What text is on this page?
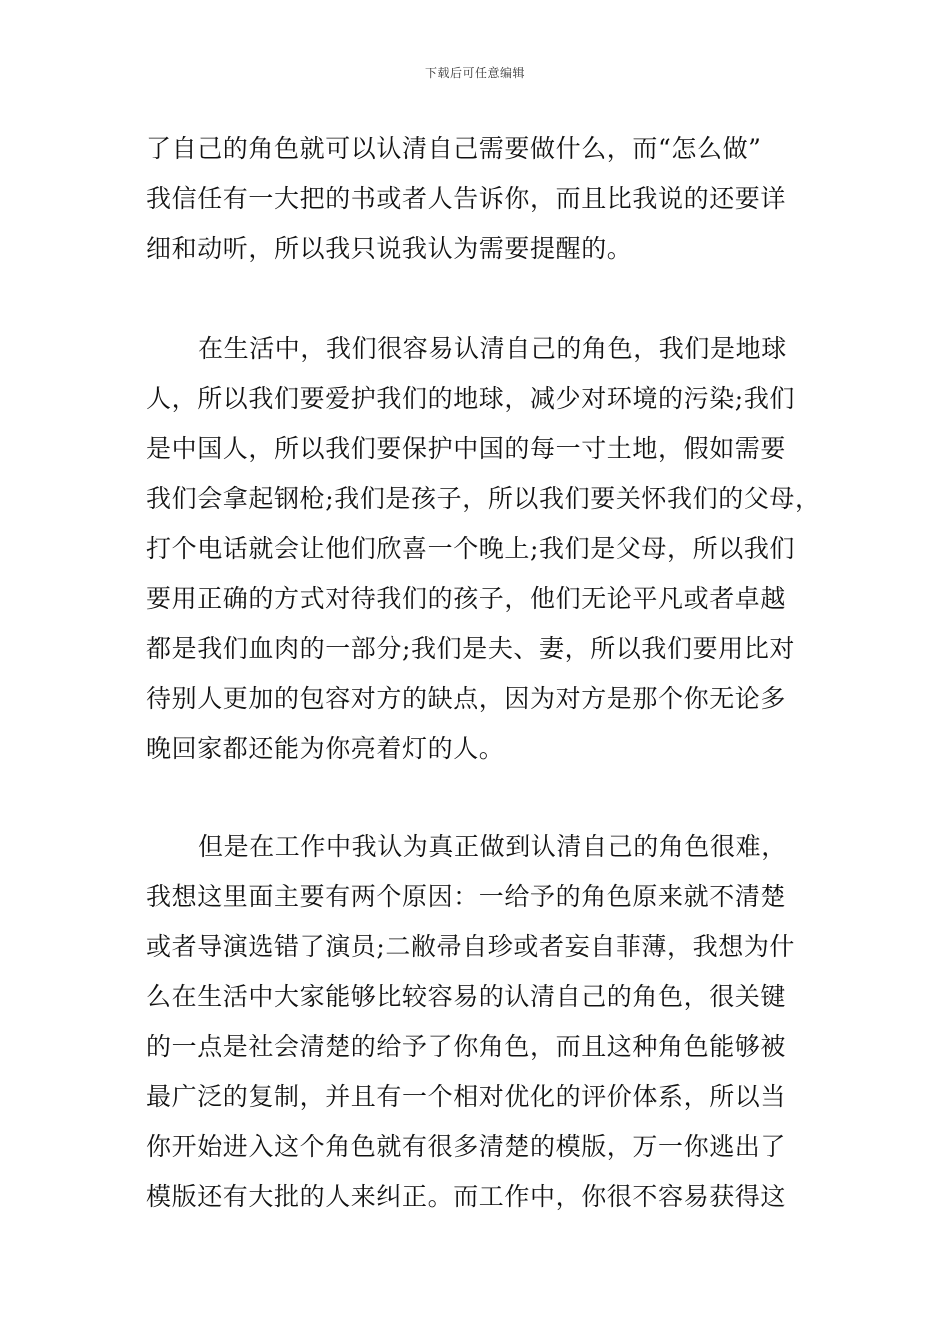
下载后可任意编辑
了自己的角色就可以认清自己需要做什么，而“怎么做”
我信任有一大把的书或者人告诉你，而且比我说的还要详
细和动听，所以我只说我认为需要提醒的。
在生活中，我们很容易认清自己的角色，我们是地球
人，所以我们要爱护我们的地球，减少对环境的污染;我们
是中国人，所以我们要保护中国的每一寸土地，假如需要
我们会拿起钢枪;我们是孩子，所以我们要关怀我们的父母，
打个电话就会让他们欣喜一个晚上;我们是父母，所以我们
要用正确的方式对待我们的孩子，他们无论平凡或者卓越
都是我们血肉的一部分;我们是夫、妻，所以我们要用比对
待别人更加的包容对方的缺点，因为对方是那个你无论多
晚回家都还能为你亮着灯的人。
但是在工作中我认为真正做到认清自己的角色很难，
我想这里面主要有两个原因：一给予的角色原来就不清楚
或者导演选错了演员;二敝帚自珍或者妄自菲薄，我想为什
么在生活中大家能够比较容易的认清自己的角色，很关键
的一点是社会清楚的给予了你角色，而且这种角色能够被
最广泛的复制，并且有一个相对优化的评价体系，所以当
你开始进入这个角色就有很多清楚的模版，万一你逃出了
模版还有大批的人来纠正。而工作中，你很不容易获得这
